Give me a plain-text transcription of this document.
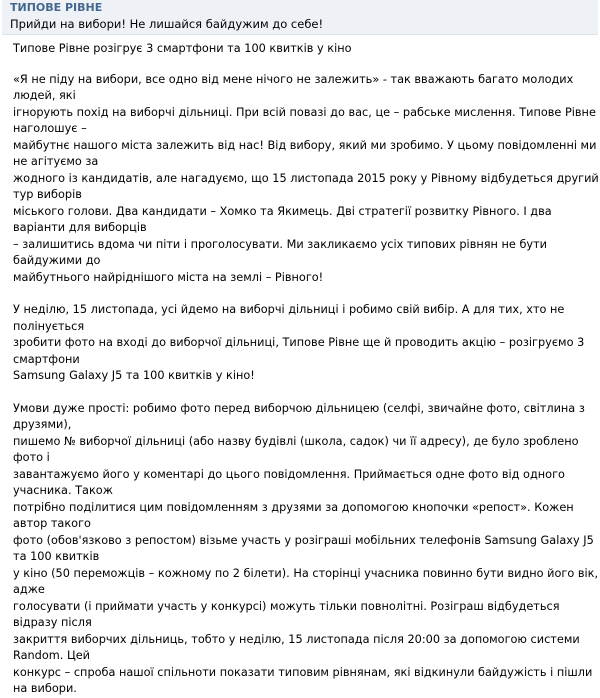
ТИПОВЕ РІВНЕ
Прийди на вибори! Не лишайся байдужим до себе!

Типове Рівне розігрує 3 смартфони та 100 квитків у кіно

«Я не піду на вибори, все одно від мене нічого не залежить» - так вважають багато молодих людей, які
ігнорують похід на виборчі дільниці. При всій повазі до вас, це – рабське мислення. Типове Рівне наголошує –
майбутнє нашого міста залежить від нас! Від вибору, який ми зробимо. У цьому повідомленні ми не агітуємо за
жодного із кандидатів, але нагадуємо, що 15 листопада 2015 року у Рівному відбудеться другий тур виборів
міського голови. Два кандидати – Хомко та Якимець. Дві стратегії розвитку Рівного. І два варіанти для виборців
– залишитись вдома чи піти і проголосувати. Ми закликаємо усіх типових рівнян не бути байдужими до
майбутнього найріднішого міста на землі – Рівного!

У неділю, 15 листопада, усі йдемо на виборчі дільниці і робимо свій вибір. А для тих, хто не полінується
зробити фото на вході до виборчої дільниці, Типове Рівне ще й проводить акцію – розігруємо 3 смартфони
Samsung Galaxy J5 та 100 квитків у кіно!

Умови дуже прості: робимо фото перед виборчою дільницею (селфі, звичайне фото, світлина з друзями),
пишемо № виборчої дільниці (або назву будівлі (школа, садок) чи її адресу), де було зроблено фото і
завантажуємо його у коментарі до цього повідомлення. Приймається одне фото від одного учасника. Також
потрібно поділитися цим повідомленням з друзями за допомогою кнопочки «репост». Кожен автор такого
фото (обов'язково з репостом) візьме участь у розіграші мобільних телефонів Samsung Galaxy J5 та 100 квитків
у кіно (50 переможців – кожному по 2 білети). На сторінці учасника повинно бути видно його вік, адже
голосувати (і приймати участь у конкурсі) можуть тільки повнолітні. Розіграш відбудеться відразу після
закриття виборчих дільниць, тобто у неділю, 15 листопада після 20:00 за допомогою системи Random. Цей
конкурс – спроба нашої спільноти показати типовим рівнянам, які відкинули байдужість і пішли на вибори.
